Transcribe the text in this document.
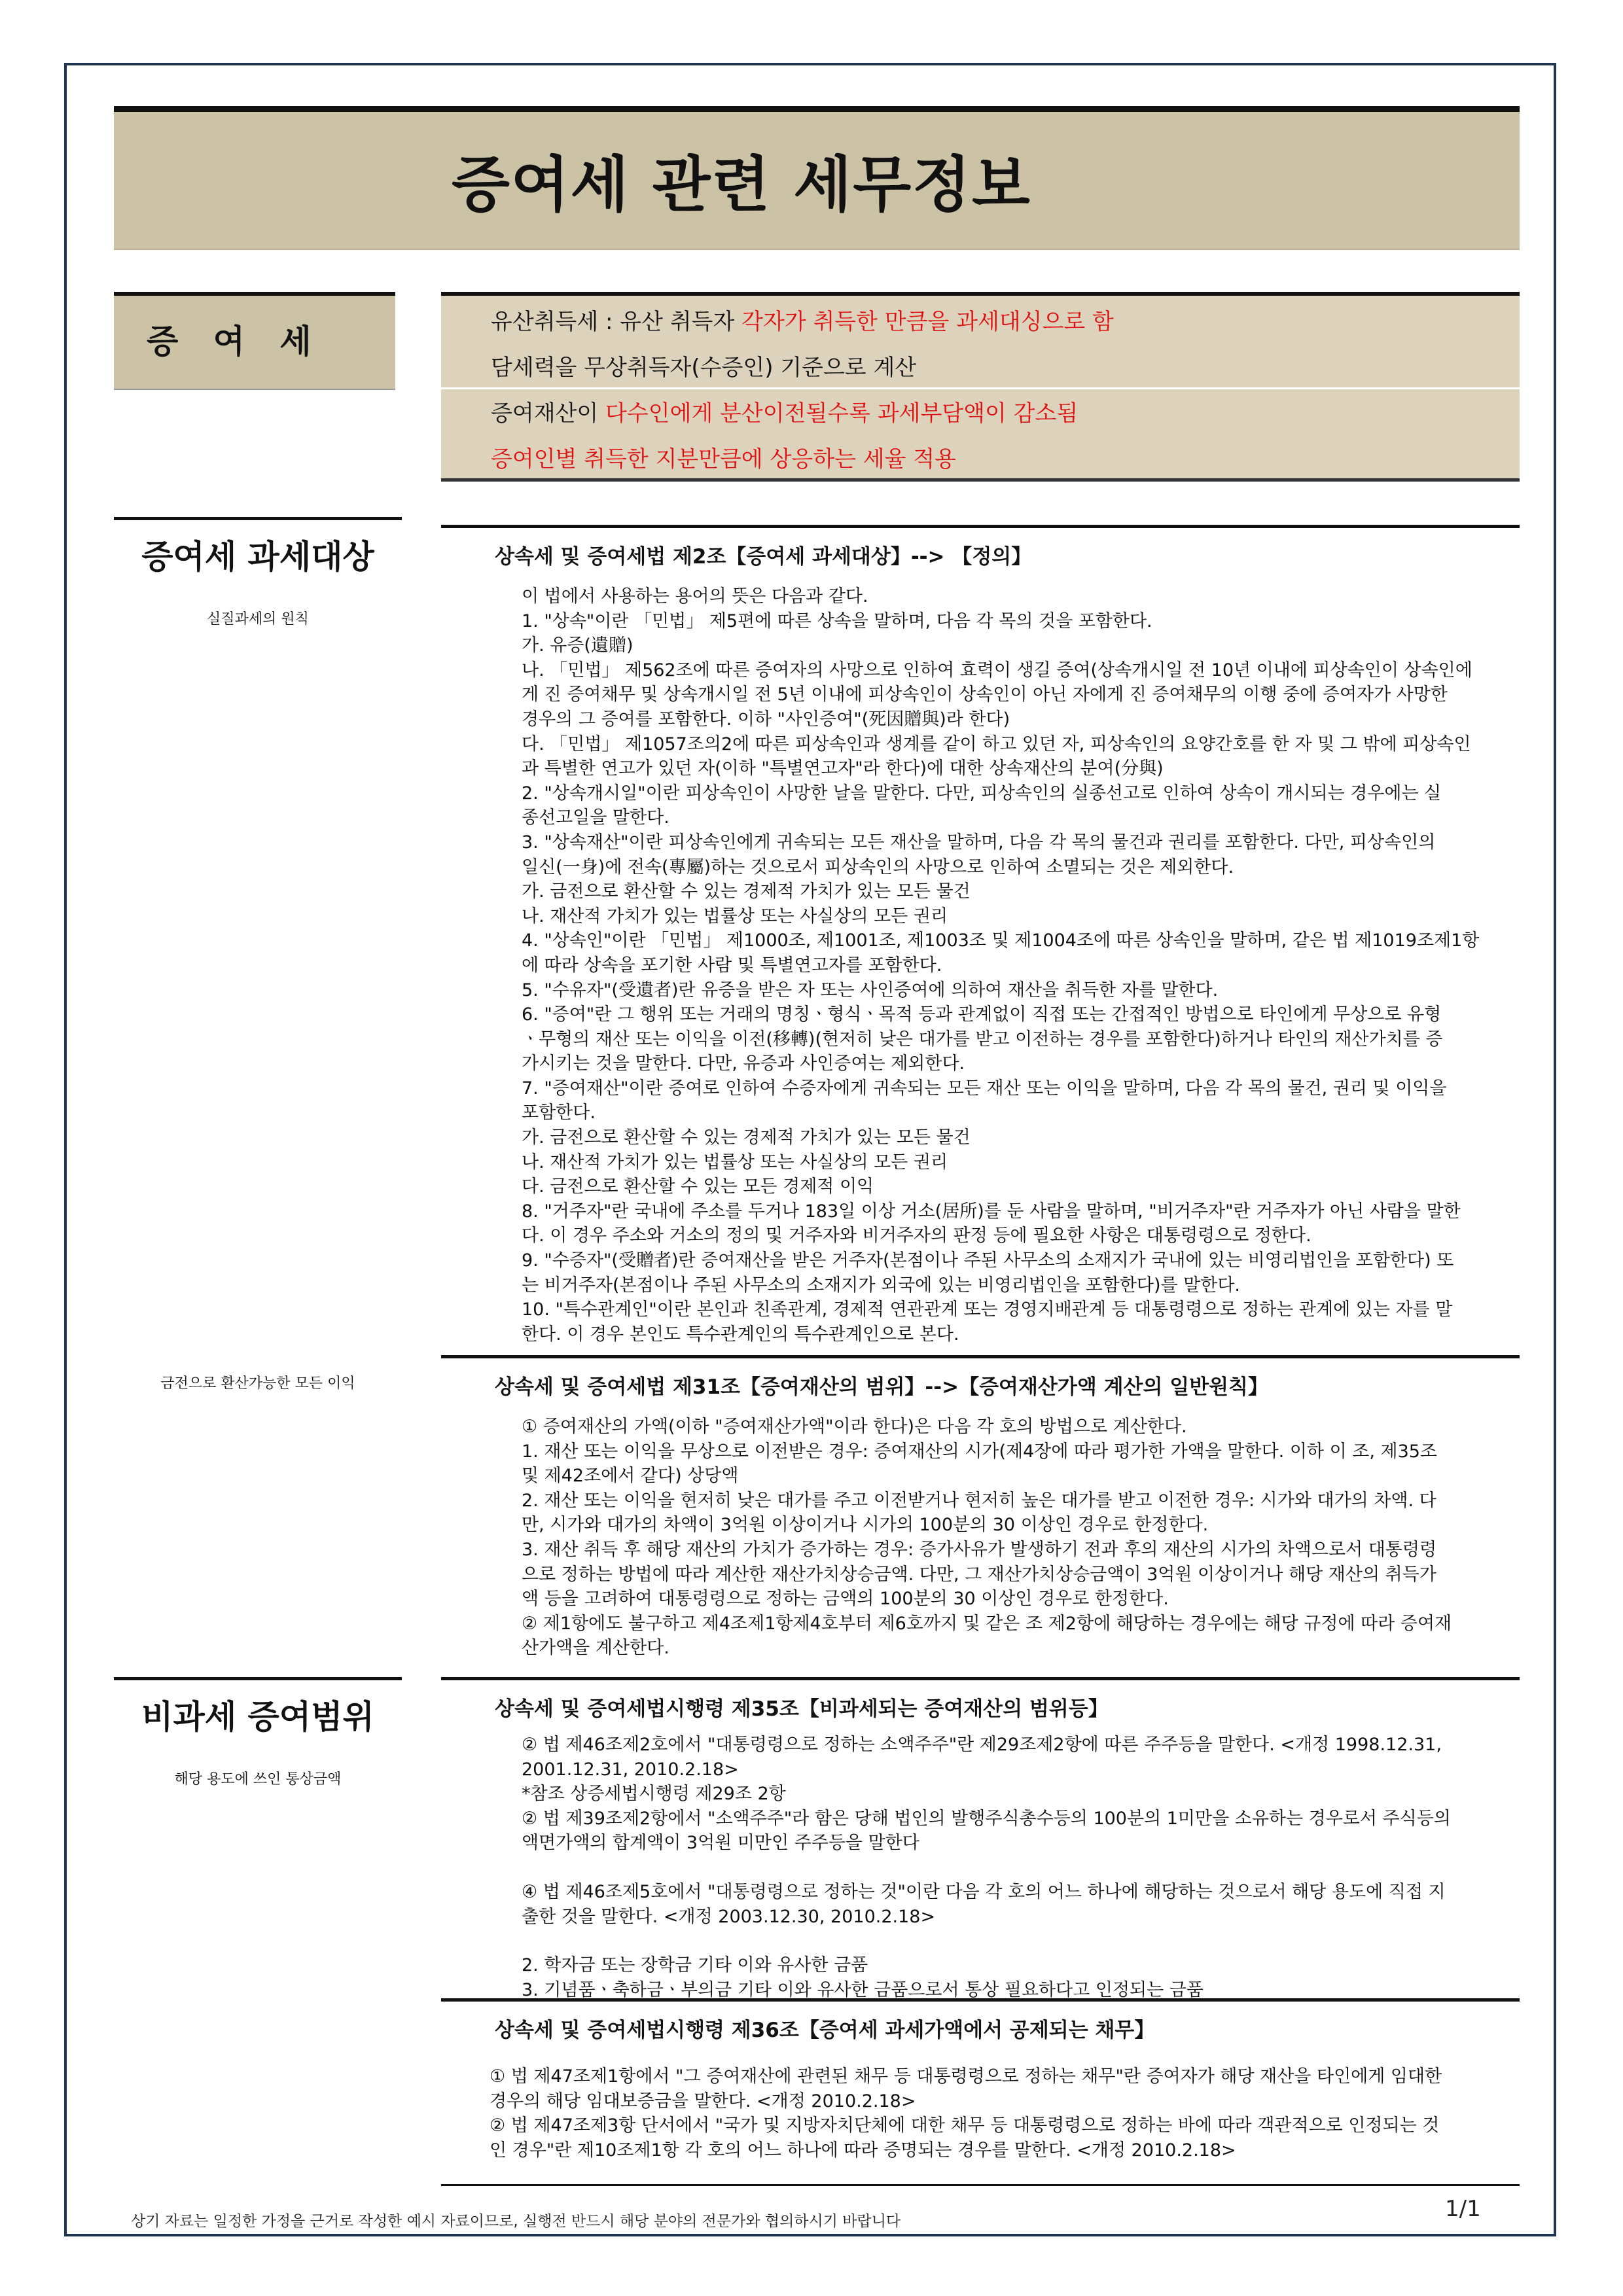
증여세 관련 세무정보
증 여 세
유산취득세 : 유산 취득자 각자가 취득한 만큼을 과세대싱으로 함
담세력을 무상취득자(수증인) 기준으로 계산
증여재산이 다수인에게 분산이전될수록 과세부담액이 감소됨
증여인별 취득한 지분만큼에 상응하는 세율 적용
증여세 과세대상
실질과세의 원칙
금전으로 환산가능한 모든 이익
비과세 증여범위
해당 용도에 쓰인 통상금액
상속세 및 증여세법 제2조【증여세 과세대상】--> 【정의】

이 법에서 사용하는 용어의 뜻은 다음과 같다.

1. "상속"이란 「민법」 제5편에 따른 상속을 말하며, 다음 각 목의 것을 포함한다.

가. 유증(遺贈)

나. 「민법」 제562조에 따른 증여자의 사망으로 인하여 효력이 생길 증여(상속개시일 전 10년 이내에 피상속인이 상속인에

게 진 증여채무 및 상속개시일 전 5년 이내에 피상속인이 상속인이 아닌 자에게 진 증여채무의 이행 중에 증여자가 사망한

경우의 그 증여를 포함한다. 이하 "사인증여"(死因贈與)라 한다)

다. 「민법」 제1057조의2에 따른 피상속인과 생계를 같이 하고 있던 자, 피상속인의 요양간호를 한 자 및 그 밖에 피상속인

과 특별한 연고가 있던 자(이하 "특별연고자"라 한다)에 대한 상속재산의 분여(分與)

2. "상속개시일"이란 피상속인이 사망한 날을 말한다. 다만, 피상속인의 실종선고로 인하여 상속이 개시되는 경우에는 실

종선고일을 말한다.

3. "상속재산"이란 피상속인에게 귀속되는 모든 재산을 말하며, 다음 각 목의 물건과 권리를 포함한다. 다만, 피상속인의

일신(一身)에 전속(專屬)하는 것으로서 피상속인의 사망으로 인하여 소멸되는 것은 제외한다.

가. 금전으로 환산할 수 있는 경제적 가치가 있는 모든 물건

나. 재산적 가치가 있는 법률상 또는 사실상의 모든 권리

4. "상속인"이란 「민법」 제1000조, 제1001조, 제1003조 및 제1004조에 따른 상속인을 말하며, 같은 법 제1019조제1항

에 따라 상속을 포기한 사람 및 특별연고자를 포함한다.

5. "수유자"(受遺者)란 유증을 받은 자 또는 사인증여에 의하여 재산을 취득한 자를 말한다.

6. "증여"란 그 행위 또는 거래의 명칭ㆍ형식ㆍ목적 등과 관계없이 직접 또는 간접적인 방법으로 타인에게 무상으로 유형

ㆍ무형의 재산 또는 이익을 이전(移轉)(현저히 낮은 대가를 받고 이전하는 경우를 포함한다)하거나 타인의 재산가치를 증

가시키는 것을 말한다. 다만, 유증과 사인증여는 제외한다.

7. "증여재산"이란 증여로 인하여 수증자에게 귀속되는 모든 재산 또는 이익을 말하며, 다음 각 목의 물건, 권리 및 이익을

포함한다.

가. 금전으로 환산할 수 있는 경제적 가치가 있는 모든 물건

나. 재산적 가치가 있는 법률상 또는 사실상의 모든 권리

다. 금전으로 환산할 수 있는 모든 경제적 이익

8. "거주자"란 국내에 주소를 두거나 183일 이상 거소(居所)를 둔 사람을 말하며, "비거주자"란 거주자가 아닌 사람을 말한

다. 이 경우 주소와 거소의 정의 및 거주자와 비거주자의 판정 등에 필요한 사항은 대통령령으로 정한다.

9. "수증자"(受贈者)란 증여재산을 받은 거주자(본점이나 주된 사무소의 소재지가 국내에 있는 비영리법인을 포함한다) 또

는 비거주자(본점이나 주된 사무소의 소재지가 외국에 있는 비영리법인을 포함한다)를 말한다.

10. "특수관계인"이란 본인과 친족관계, 경제적 연관관계 또는 경영지배관계 등 대통령령으로 정하는 관계에 있는 자를 말

한다. 이 경우 본인도 특수관계인의 특수관계인으로 본다.

상속세 및 증여세법 제31조【증여재산의 범위】-->【증여재산가액 계산의 일반원칙】

① 증여재산의 가액(이하 "증여재산가액"이라 한다)은 다음 각 호의 방법으로 계산한다.

1. 재산 또는 이익을 무상으로 이전받은 경우: 증여재산의 시가(제4장에 따라 평가한 가액을 말한다. 이하 이 조, 제35조

및 제42조에서 같다) 상당액

2. 재산 또는 이익을 현저히 낮은 대가를 주고 이전받거나 현저히 높은 대가를 받고 이전한 경우: 시가와 대가의 차액. 다

만, 시가와 대가의 차액이 3억원 이상이거나 시가의 100분의 30 이상인 경우로 한정한다.

3. 재산 취득 후 해당 재산의 가치가 증가하는 경우: 증가사유가 발생하기 전과 후의 재산의 시가의 차액으로서 대통령령

으로 정하는 방법에 따라 계산한 재산가치상승금액. 다만, 그 재산가치상승금액이 3억원 이상이거나 해당 재산의 취득가

액 등을 고려하여 대통령령으로 정하는 금액의 100분의 30 이상인 경우로 한정한다.

② 제1항에도 불구하고 제4조제1항제4호부터 제6호까지 및 같은 조 제2항에 해당하는 경우에는 해당 규정에 따라 증여재

산가액을 계산한다.

상속세 및 증여세법시행령 제35조【비과세되는 증여재산의 범위등】

② 법 제46조제2호에서 "대통령령으로 정하는 소액주주"란 제29조제2항에 따른 주주등을 말한다. <개정 1998.12.31,

2001.12.31, 2010.2.18>

*참조 상증세법시행령 제29조 2항

② 법 제39조제2항에서 "소액주주"라 함은 당해 법인의 발행주식총수등의 100분의 1미만을 소유하는 경우로서 주식등의

액면가액의 합계액이 3억원 미만인 주주등을 말한다

④ 법 제46조제5호에서 "대통령령으로 정하는 것"이란 다음 각 호의 어느 하나에 해당하는 것으로서 해당 용도에 직접 지

출한 것을 말한다. <개정 2003.12.30, 2010.2.18>

2. 학자금 또는 장학금 기타 이와 유사한 금품

3. 기념품ㆍ축하금ㆍ부의금 기타 이와 유사한 금품으로서 통상 필요하다고 인정되는 금품

상속세 및 증여세법시행령 제36조【증여세 과세가액에서 공제되는 채무】

① 법 제47조제1항에서 "그 증여재산에 관련된 채무 등 대통령령으로 정하는 채무"란 증여자가 해당 재산을 타인에게 임대한

경우의 해당 임대보증금을 말한다. <개정 2010.2.18>

② 법 제47조제3항 단서에서 "국가 및 지방자치단체에 대한 채무 등 대통령령으로 정하는 바에 따라 객관적으로 인정되는 것

인 경우"란 제10조제1항 각 호의 어느 하나에 따라 증명되는 경우를 말한다. <개정 2010.2.18>

상기 자료는 일정한 가정을 근거로 작성한 예시 자료이므로, 실행전 반드시 해당 분야의 전문가와 협의하시기 바랍니다	1/1
